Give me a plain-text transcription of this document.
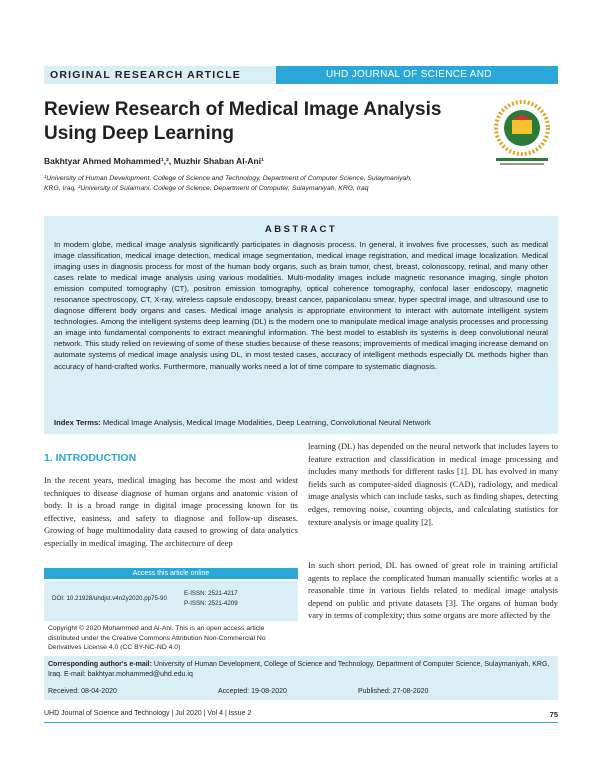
ORIGINAL RESEARCH ARTICLE	UHD JOURNAL OF SCIENCE AND TECHNOLOGY
Review Research of Medical Image Analysis
Using Deep Learning
Bakhtyar Ahmed Mohammed¹,², Muzhir Shaban Al-Ani¹
¹University of Human Development, College of Science and Technology, Department of Computer Science, Sulaymaniyah,
KRG, Iraq, ²University of Sulaimani, College of Science, Department of Computer, Sulaymaniyah, KRG, Iraq
ABSTRACT
In modern globe, medical image analysis significantly participates in diagnosis process. In general, it involves five processes, such as medical image classification, medical image detection, medical image segmentation, medical image registration, and medical image localization. Medical imaging uses in diagnosis process for most of the human body organs, such as brain tumor, chest, breast, colonoscopy, retinal, and many other cases relate to medical image analysis using various modalities. Multi-modality images include magnetic resonance imaging, single photon emission computed tomography (CT), positron emission tomography, optical coherence tomography, confocal laser endoscopy, magnetic resonance spectroscopy, CT, X-ray, wireless capsule endoscopy, breast cancer, papanicolaou smear, hyper spectral image, and ultrasound use to diagnose different body organs and cases. Medical image analysis is appropriate environment to interact with automate intelligent system technologies. Among the intelligent systems deep learning (DL) is the modern one to manipulate medical image analysis processes and processing an image into fundamental components to extract meaningful information. The best model to establish its systems is deep convolutional neural network. This study relied on reviewing of some of these studies because of these reasons; improvements of medical imaging increase demand on automate systems of medical image analysis using DL, in most tested cases, accuracy of intelligent methods especially DL methods higher than accuracy of hand-crafted works. Furthermore, manually works need a lot of time compare to systematic diagnosis.
Index Terms: Medical Image Analysis, Medical Image Modalities, Deep Learning, Convolutional Neural Network
1. INTRODUCTION
In the recent years, medical imaging has become the most and widest techniques to disease diagnose of human organs and anatomic vision of body. It is a broad range in digital image processing known for its effective, easiness, and safety to diagnose and follow-up diseases. Growing of huge multimodality data caused to growing of data analytics especially in medical imaging. The architecture of deep
learning (DL) has depended on the neural network that includes layers to feature extraction and classification in medical image processing and includes many methods for different tasks [1]. DL has evolved in many fields such as computer-aided diagnosis (CAD), radiology, and medical image analysis which can include tasks, such as finding shapes, detecting edges, removing noise, counting objects, and calculating statistics for texture analysis or image quality [2].
In such short period, DL has owned of great role in training artificial agents to replace the complicated human manually scientific works at a reasonable time in various fields related to medical image analysis depend on public and private datasets [3]. The organs of human body vary in terms of complexity; thus some organs are more affected by the
Access this article online
DOI: 10.21928/uhdjst.v4n2y2020.pp75-90
E-ISSN: 2521-4217
P-ISSN: 2521-4209
Copyright © 2020 Mohammed and Al-Ani. This is an open access article distributed under the Creative Commons Attribution Non-Commercial No Derivatives License 4.0 (CC BY-NC-ND 4.0)
Corresponding author's e-mail: University of Human Development, College of Science and Technology, Department of Computer Science, Sulaymaniyah, KRG, Iraq. E-mail: bakhtyar.mohammed@uhd.edu.iq
Received: 08-04-2020	Accepted: 19-08-2020	Published: 27-08-2020
UHD Journal of Science and Technology | Jul 2020 | Vol 4 | Issue 2	75
